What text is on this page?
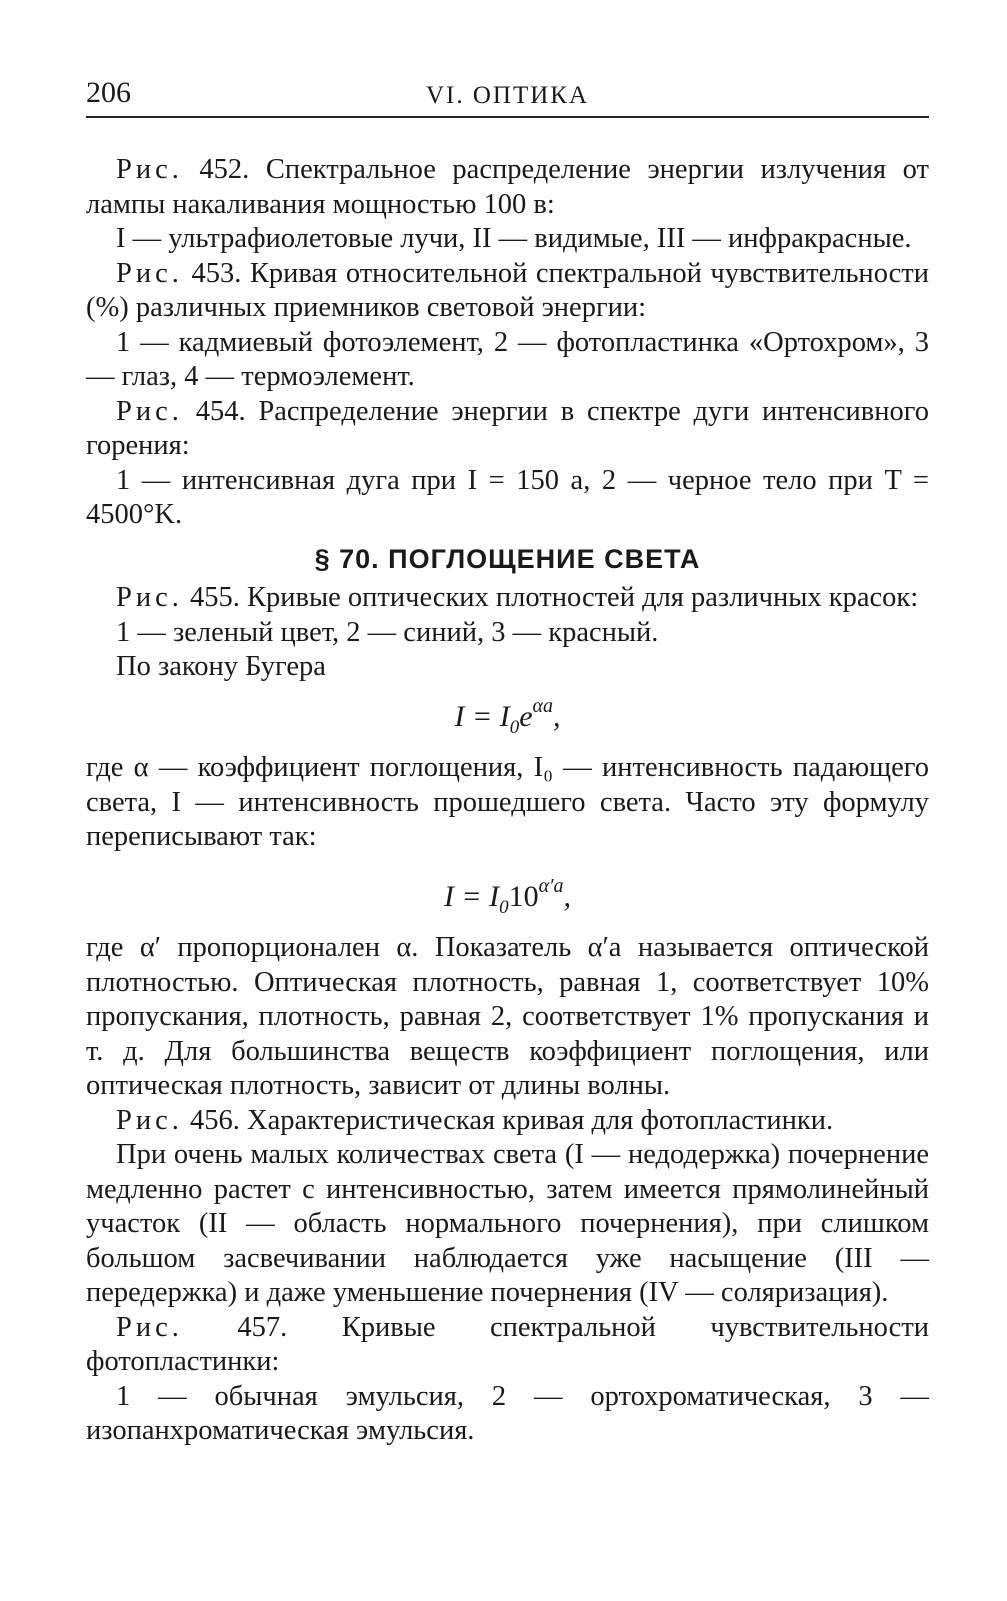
206	VI. ОПТИКА

Рис. 452. Спектральное распределение энергии излучения от лампы накаливания мощностью 100 в:

I — ультрафиолетовые лучи, II — видимые, III — инфракрасные.

Рис. 453. Кривая относительной спектральной чувствительности (%) различных приемников световой энергии:

1 — кадмиевый фотоэлемент, 2 — фотопластинка «Ортохром», 3 — глаз, 4 — термоэлемент.

Рис. 454. Распределение энергии в спектре дуги интенсивного горения:

1 — интенсивная дуга при I = 150 a, 2 — черное тело при T = 4500°K.

§ 70. ПОГЛОЩЕНИЕ СВЕТА

Рис. 455. Кривые оптических плотностей для различных красок:

1 — зеленый цвет, 2 — синий, 3 — красный.

По закону Бугера

$I = I_0e^{\alpha a}$,

где α — коэффициент поглощения, I₀ — интенсивность падающего света, I — интенсивность прошедшего света. Часто эту формулу переписывают так:

$I = I_010^{\alpha'a}$,

где α′ пропорционален α. Показатель α′a называется оптической плотностью. Оптическая плотность, равная 1, соответствует 10% пропускания, плотность, равная 2, соответствует 1% пропускания и т. д. Для большинства веществ коэффициент поглощения, или оптическая плотность, зависит от длины волны.

Рис. 456. Характеристическая кривая для фотопластинки.

При очень малых количествах света (I — недодержка) почернение медленно растет с интенсивностью, затем имеется прямолинейный участок (II — область нормального почернения), при слишком большом засвечивании наблюдается уже насыщение (III — передержка) и даже уменьшение почернения (IV — соляризация).

Рис. 457. Кривые спектральной чувствительности фотопластинки:

1 — обычная эмульсия, 2 — ортохроматическая, 3 — изопанхроматическая эмульсия.
